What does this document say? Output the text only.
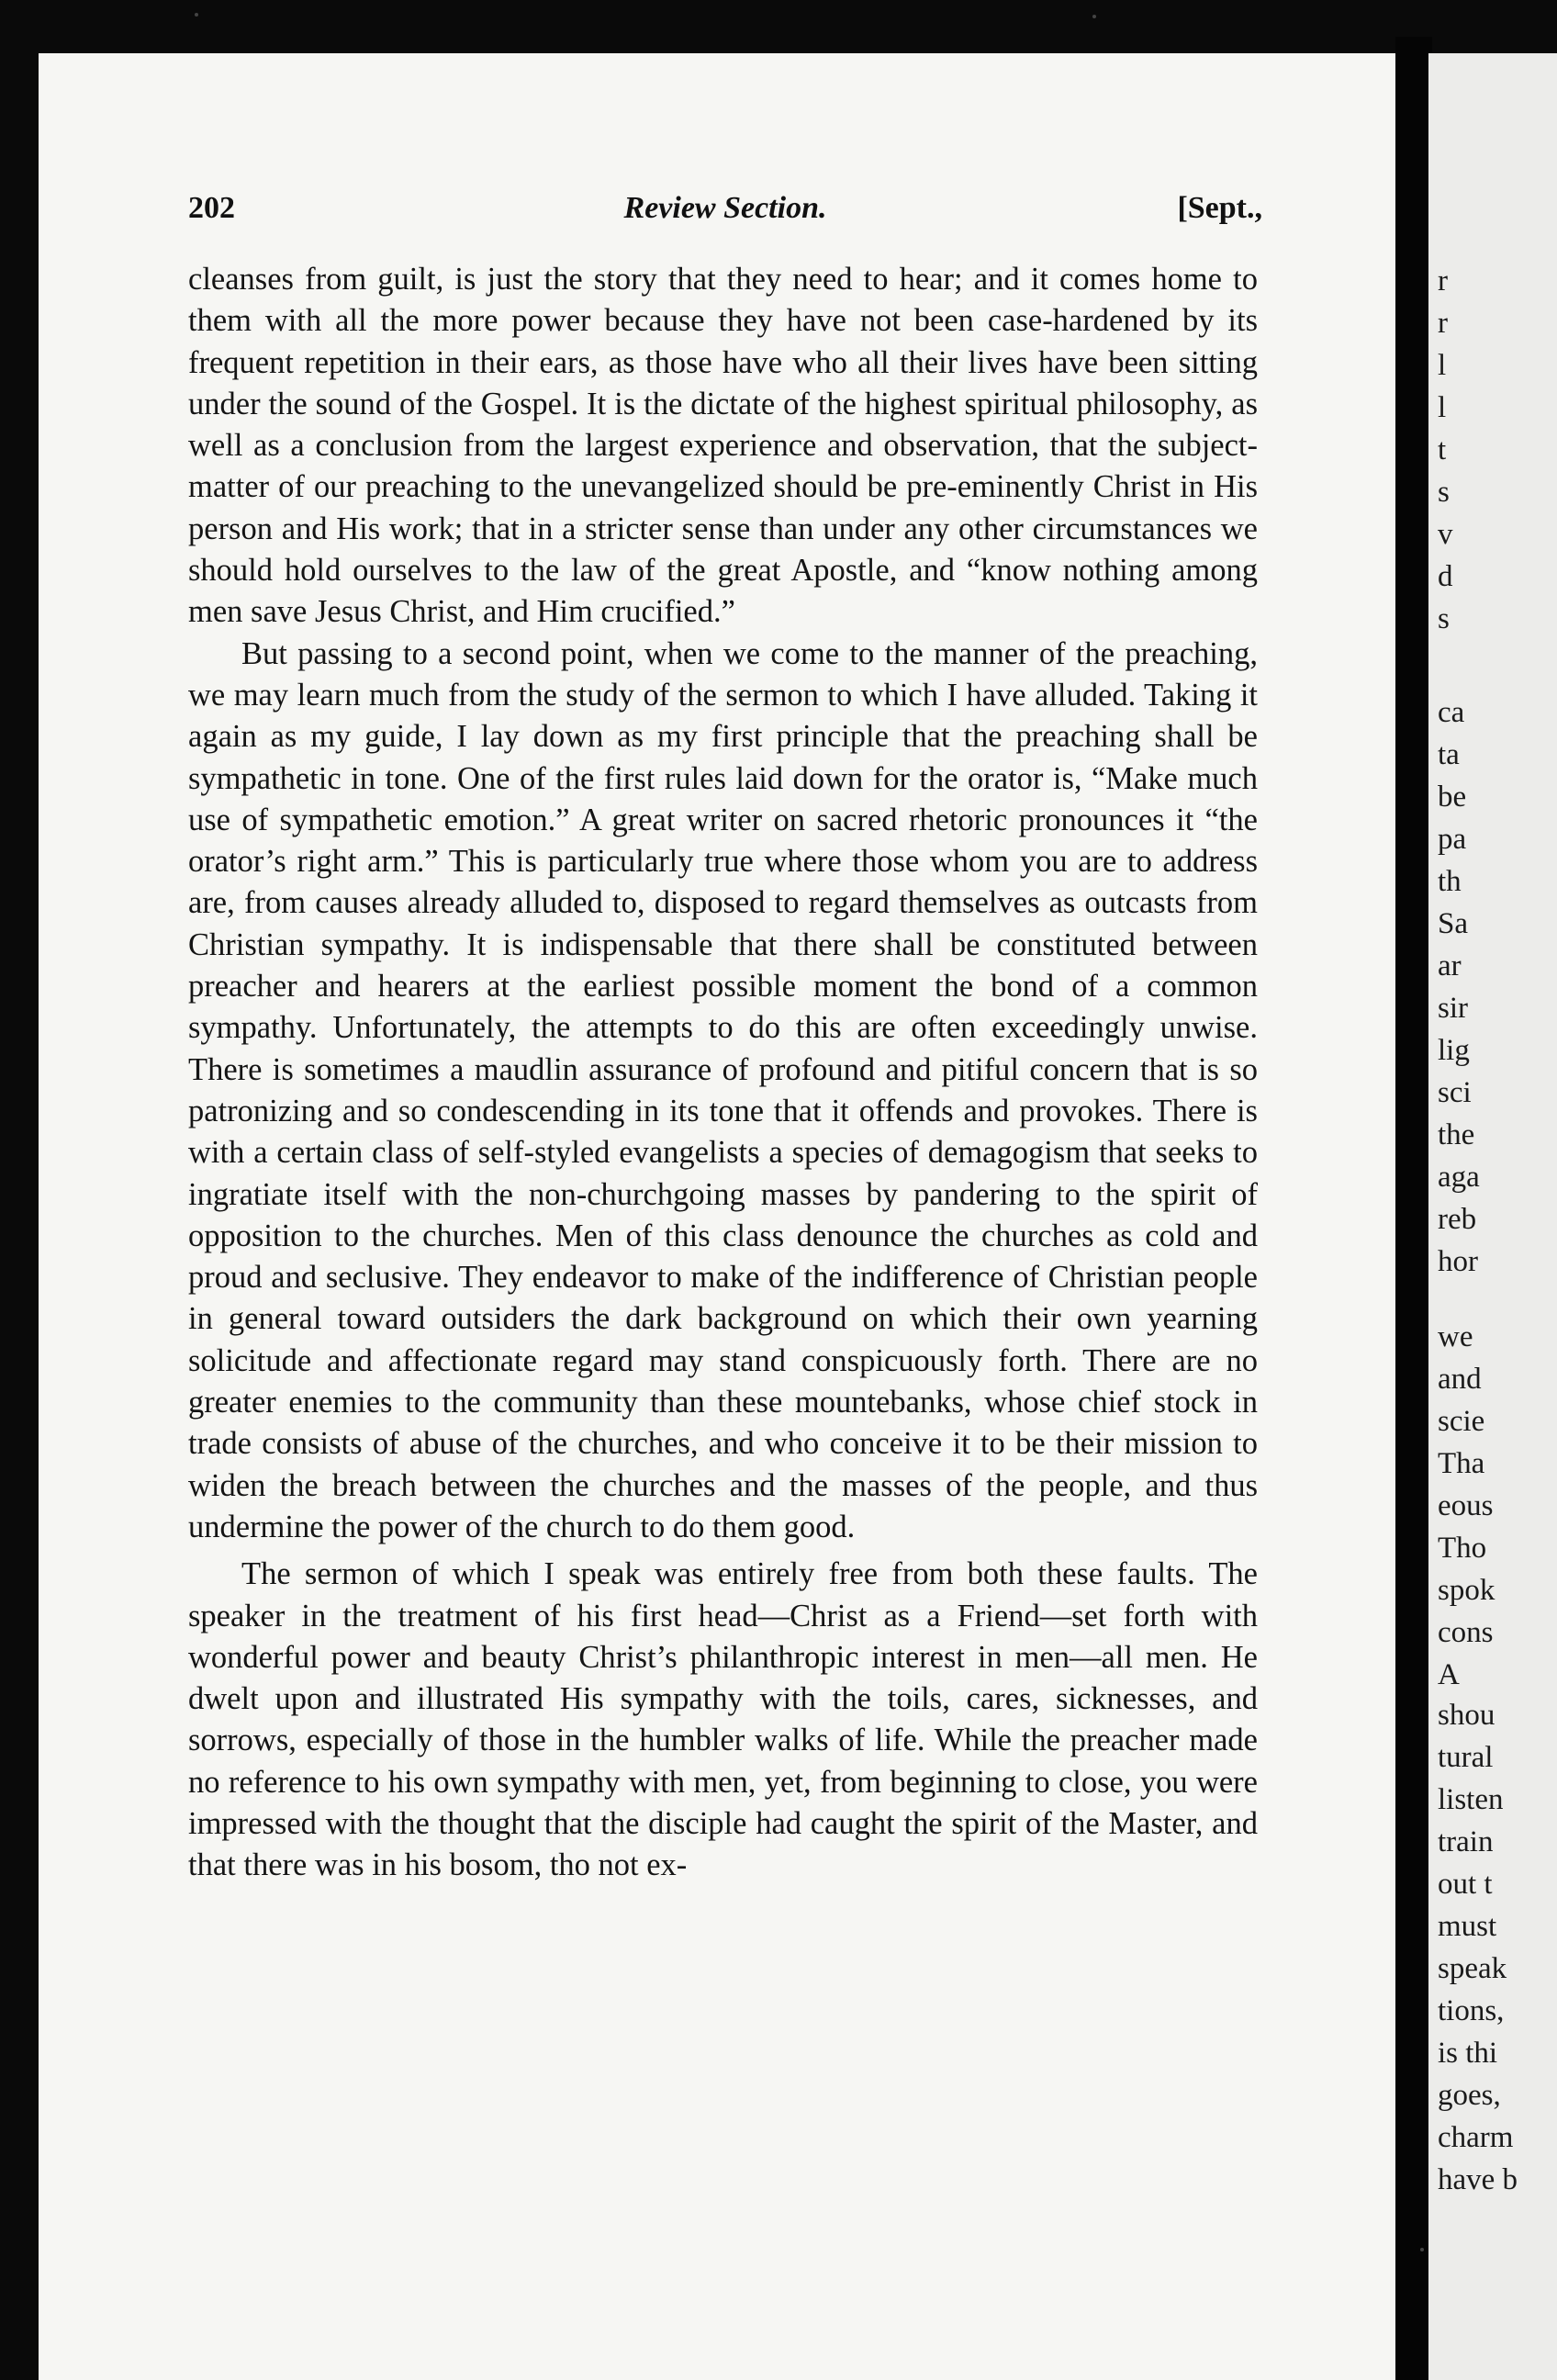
r
r
l
l
t
s
v
d
s
ca
ta
be
pa
th
Sa
ar
sir
lig
sci
the
aga
reb
hor
we
and
scie
Tha
eous
Tho
spok
cons
A
shou
tural
listen
train
out t
must
speak
tions,
is thi
goes,
charm
have b
202	Review Section.	[Sept.,

cleanses from guilt, is just the story that they need to hear; and it comes home to them with all the more power because they have not been case-hardened by its frequent repetition in their ears, as those have who all their lives have been sitting under the sound of the Gospel. It is the dictate of the highest spiritual philosophy, as well as a conclusion from the largest experience and observation, that the subject-matter of our preaching to the unevangelized should be pre-eminently Christ in His person and His work; that in a stricter sense than under any other circumstances we should hold ourselves to the law of the great Apostle, and “know nothing among men save Jesus Christ, and Him crucified.”

But passing to a second point, when we come to the manner of the preaching, we may learn much from the study of the sermon to which I have alluded. Taking it again as my guide, I lay down as my first principle that the preaching shall be sympathetic in tone. One of the first rules laid down for the orator is, “Make much use of sympathetic emotion.” A great writer on sacred rhetoric pronounces it “the orator’s right arm.” This is particularly true where those whom you are to address are, from causes already alluded to, disposed to regard themselves as outcasts from Christian sympathy. It is indispensable that there shall be constituted between preacher and hearers at the earliest possible moment the bond of a common sympathy. Unfortunately, the attempts to do this are often exceedingly unwise. There is sometimes a maudlin assurance of profound and pitiful concern that is so patronizing and so condescending in its tone that it offends and provokes. There is with a certain class of self-styled evangelists a species of demagogism that seeks to ingratiate itself with the non-churchgoing masses by pandering to the spirit of opposition to the churches. Men of this class denounce the churches as cold and proud and seclusive. They endeavor to make of the indifference of Christian people in general toward outsiders the dark background on which their own yearning solicitude and affectionate regard may stand conspicuously forth. There are no greater enemies to the community than these mountebanks, whose chief stock in trade consists of abuse of the churches, and who conceive it to be their mission to widen the breach between the churches and the masses of the people, and thus undermine the power of the church to do them good.

The sermon of which I speak was entirely free from both these faults. The speaker in the treatment of his first head—Christ as a Friend—set forth with wonderful power and beauty Christ’s philanthropic interest in men—all men. He dwelt upon and illustrated His sympathy with the toils, cares, sicknesses, and sorrows, especially of those in the humbler walks of life. While the preacher made no reference to his own sympathy with men, yet, from beginning to close, you were impressed with the thought that the disciple had caught the spirit of the Master, and that there was in his bosom, tho not ex-
